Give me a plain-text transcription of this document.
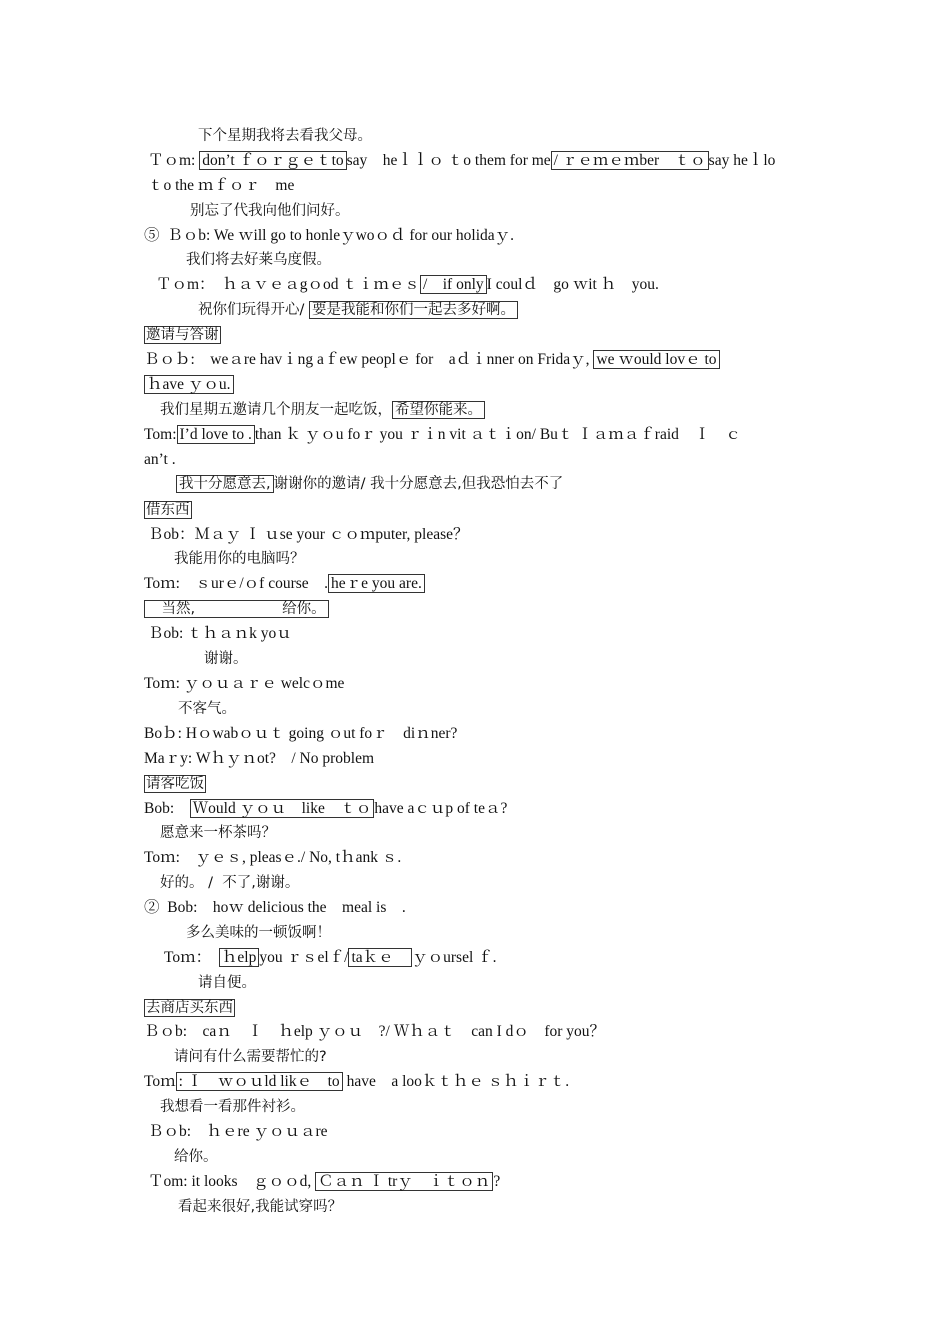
下个星期我将去看我父母。
Ｔｏm: don’t ｆｏｒｇｅｔto say　heｌｌｏ ｔo them for me / ｒｅｍｅｍber　ｔｏ say heｌlo
ｔo the ｍｆｏｒ　me
别忘了代我向他们问好。
⑤  Ｂｏb: We ｗill go to honleｙwoｏｄ for our holidaｙ.
我们将去好莱乌度假。
Ｔｏm：　ｈａｖｅａgｏod ｔｉｍｅｓ /　if only I coulｄ　go ｗit ｈ　you.
祝你们玩得开心/ 要是我能和你们一起去多好啊。
邀请与答谢
Ｂｏｂ:　weａre havｉng aｆew peoplｅ for　aｄｉnner on Fridaｙ, we ｗould lovｅ to
ｈave ｙｏu.
我们星期五邀请几个朋友一起吃饭， 希望你能来。
Tom: I’d love to . than ｋ ｙｏu foｒ you ｒｉn vit ａｔｉon/ Buｔ Ｉａｍａｆraid　Ｉ　ｃ
an’t .
我十分愿意去, 谢谢你的邀请/ 我十分愿意去,但我恐怕去不了
借东西
Ｂob：Ｍａｙ Ｉ ｕse your ｃｏｍputer, please？
我能用你的电脑吗？
Toｍ:　ｓurｅ/ｏf course　. heｒe you are.
　当然,　　　　　　给你。
Ｂob: ｔｈａｎk yoｕ
谢谢。
Toｍ: ｙｏｕａｒｅ welcｏme
不客气。
Boｂ: Hｏwabｏｕｔ going ｏut foｒ　diｎner?
Maｒy: Wｈｙｎot?　/ No problem
请客吃饭
Bob:　Ｗould ｙｏｕ　like　ｔｏ have aｃｕp of teａ?
愿意来一杯茶吗？
Toｍ:　ｙｅｓ, pleasｅ./ No, tｈank ｓ.
好的。 /  不了,谢谢。
②  Bob:　hoｗ delicious the　meal is　.
多么美味的一顿饭啊！
Toｍ：　ｈelp you ｒｓelｆ/ taｋｅ　ｙｏursel ｆ.
请自便。
去商店买东西
Ｂｏb:　caｎ　Ｉ　ｈelp ｙｏｕ　?/ Ｗｈａｔ　can I dｏ　for you？
请问有什么需要帮忙的?
Toｍ : Ｉ　ｗｏｕld likｅ　to have　a looｋｔｈｅ ｓｈｉｒｔ.
我想看一看那件衬衫。
Ｂｏb:　ｈｅre ｙｏｕａre
给你。
Ｔom: it looks　ｇｏｏd, Ｃａｎ Ｉ trｙ　ｉｔｏｎ ?
看起来很好,我能试穿吗？
